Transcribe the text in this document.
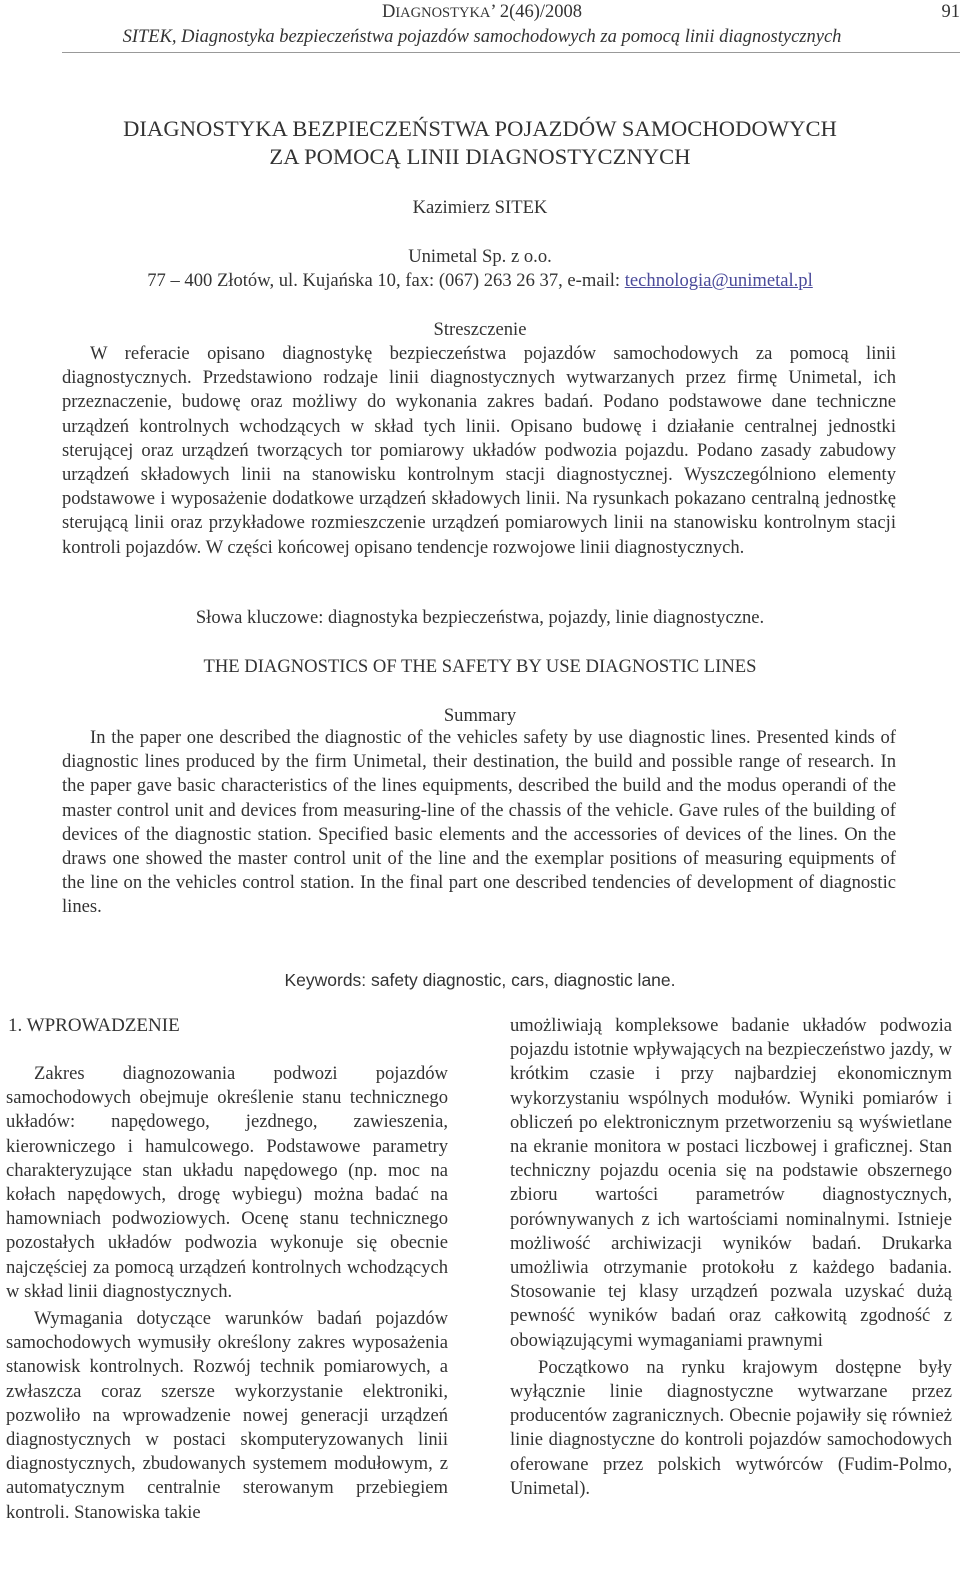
DIAGNOSTYKA’ 2(46)/2008
SITEK, Diagnostyka bezpieczeństwa pojazdów samochodowych za pomocą linii diagnostycznych
91
DIAGNOSTYKA BEZPIECZEŃSTWA POJAZDÓW SAMOCHODOWYCH
ZA POMOCĄ LINII DIAGNOSTYCZNYCH
Kazimierz SITEK
Unimetal Sp. z o.o.
77 – 400 Złotów, ul. Kujańska 10, fax: (067) 263 26 37, e-mail: technologia@unimetal.pl
Streszczenie

W referacie opisano diagnostykę bezpieczeństwa pojazdów samochodowych za pomocą linii diagnostycznych. Przedstawiono rodzaje linii diagnostycznych wytwarzanych przez firmę Unimetal, ich przeznaczenie, budowę oraz możliwy do wykonania zakres badań. Podano podstawowe dane techniczne urządzeń kontrolnych wchodzących w skład tych linii. Opisano budowę i działanie centralnej jednostki sterującej oraz urządzeń tworzących tor pomiarowy układów podwozia pojazdu. Podano zasady zabudowy urządzeń składowych linii na stanowisku kontrolnym stacji diagnostycznej. Wyszczególniono elementy podstawowe i wyposażenie dodatkowe urządzeń składowych linii. Na rysunkach pokazano centralną jednostkę sterującą linii oraz przykładowe rozmieszczenie urządzeń pomiarowych linii na stanowisku kontrolnym stacji kontroli pojazdów. W części końcowej opisano tendencje rozwojowe linii diagnostycznych.

Słowa kluczowe: diagnostyka bezpieczeństwa, pojazdy, linie diagnostyczne.
THE DIAGNOSTICS OF THE SAFETY BY USE DIAGNOSTIC LINES
Summary

In the paper one described the diagnostic of the vehicles safety by use diagnostic lines. Presented kinds of diagnostic lines produced by the firm Unimetal, their destination, the build and possible range of research. In the paper gave basic characteristics of the lines equipments, described the build and the modus operandi of the master control unit and devices from measuring-line of the chassis of the vehicle. Gave rules of the building of devices of the diagnostic station. Specified basic elements and the accessories of devices of the lines. On the draws one showed the master control unit of the line and the exemplar positions of measuring equipments of the line on the vehicles control station. In the final part one described tendencies of development of diagnostic lines.

Keywords: safety diagnostic, cars, diagnostic lane.
1. WPROWADZENIE

Zakres diagnozowania podwozi pojazdów samochodowych obejmuje określenie stanu technicznego układów: napędowego, jezdnego, zawieszenia, kierowniczego i hamulcowego. Podstawowe parametry charakteryzujące stan układu napędowego (np. moc na kołach napędowych, drogę wybiegu) można badać na hamowniach podwoziowych. Ocenę stanu technicznego pozostałych układów podwozia wykonuje się obecnie najczęściej za pomocą urządzeń kontrolnych wchodzących w skład linii diagnostycznych.

Wymagania dotyczące warunków badań pojazdów samochodowych wymusiły określony zakres wyposażenia stanowisk kontrolnych. Rozwój technik pomiarowych, a zwłaszcza coraz szersze wykorzystanie elektroniki, pozwoliło na wprowadzenie nowej generacji urządzeń diagnostycznych w postaci skomputeryzowanych linii diagnostycznych, zbudowanych systemem modułowym, z automatycznym centralnie sterowanym przebiegiem kontroli. Stanowiska takie

umożliwiają kompleksowe badanie układów podwozia pojazdu istotnie wpływających na bezpieczeństwo jazdy, w krótkim czasie i przy najbardziej ekonomicznym wykorzystaniu wspólnych modułów. Wyniki pomiarów i obliczeń po elektronicznym przetworzeniu są wyświetlane na ekranie monitora w postaci liczbowej i graficznej. Stan techniczny pojazdu ocenia się na podstawie obszernego zbioru wartości parametrów diagnostycznych, porównywanych z ich wartościami nominalnymi. Istnieje możliwość archiwizacji wyników badań. Drukarka umożliwia otrzymanie protokołu z każdego badania. Stosowanie tej klasy urządzeń pozwala uzyskać dużą pewność wyników badań oraz całkowitą zgodność z obowiązującymi wymaganiami prawnymi

Początkowo na rynku krajowym dostępne były wyłącznie linie diagnostyczne wytwarzane przez producentów zagranicznych. Obecnie pojawiły się również linie diagnostyczne do kontroli pojazdów samochodowych oferowane przez polskich wytwórców (Fudim-Polmo, Unimetal).
